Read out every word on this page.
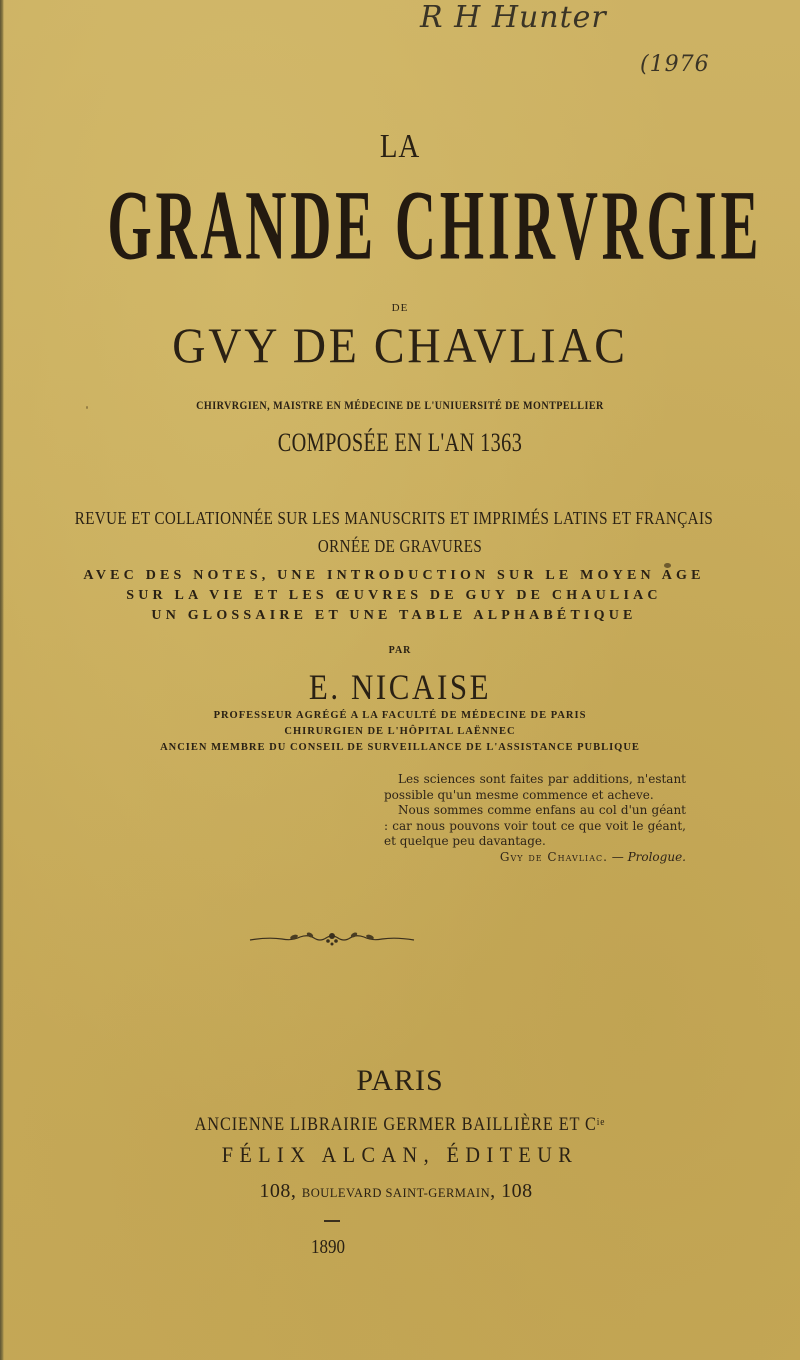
R H Hunter
(1976
LA
GRANDE CHIRVRGIE
DE
GVY DE CHAVLIAC
CHIRVRGIEN, MAISTRE EN MÉDECINE DE L'UNIUERSITÉ DE MONTPELLIER
COMPOSÉE EN L'AN 1363
REVUE ET COLLATIONNÉE SUR LES MANUSCRITS ET IMPRIMÉS LATINS ET FRANÇAIS
ORNÉE DE GRAVURES
AVEC DES NOTES, UNE INTRODUCTION SUR LE MOYEN AGE
SUR LA VIE ET LES ŒUVRES DE GUY DE CHAULIAC
UN GLOSSAIRE ET UNE TABLE ALPHABÉTIQUE
PAR
E. NICAISE
PROFESSEUR AGRÉGÉ A LA FACULTÉ DE MÉDECINE DE PARIS
CHIRURGIEN DE L'HÔPITAL LAËNNEC
ANCIEN MEMBRE DU CONSEIL DE SURVEILLANCE DE L'ASSISTANCE PUBLIQUE

Les sciences sont faites par additions, n'estant possible qu'un mesme commence et acheve.

Nous sommes comme enfans au col d'un géant : car nous pouvons voir tout ce que voit le géant, et quelque peu davantage.

Gvy de Chavliac. — Prologue.

PARIS
ANCIENNE LIBRAIRIE GERMER BAILLIÈRE ET $C^{ie}$
FÉLIX ALCAN, ÉDITEUR
108, BOULEVARD SAINT-GERMAIN, 108
1890
